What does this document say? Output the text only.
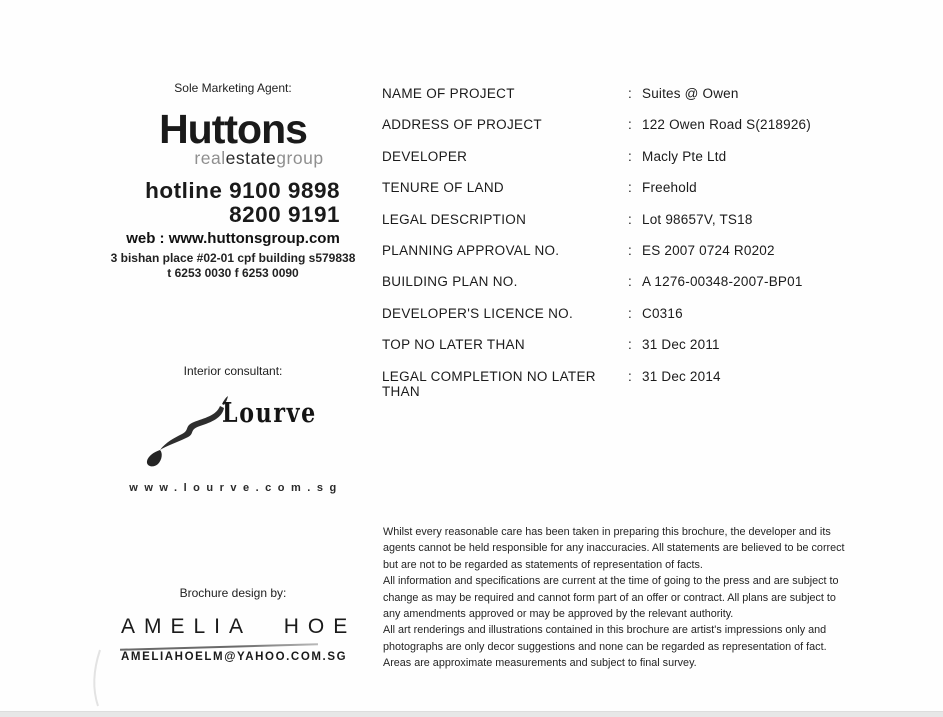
Sole Marketing Agent:
Huttons
realestategroup
hotline 9100 9898
8200 9191
web : www.huttonsgroup.com
3 bishan place #02-01 cpf building s579838
t 6253 0030 f 6253 0090
Interior consultant:
Lourve
www.lourve.com.sg
Brochure design by:
AMELIA HOE
AMELIAHOELM@YAHOO.COM.SG
NAME OF PROJECT	: Suites @ Owen
ADDRESS OF PROJECT	: 122 Owen Road S(218926)
DEVELOPER	: Macly Pte Ltd
TENURE OF LAND	: Freehold
LEGAL DESCRIPTION	: Lot 98657V, TS18
PLANNING APPROVAL NO.	: ES 2007 0724 R0202
BUILDING PLAN NO.	: A 1276-00348-2007-BP01
DEVELOPER'S LICENCE NO.	: C0316
TOP NO LATER THAN	: 31 Dec 2011
LEGAL COMPLETION NO LATER THAN
: 31 Dec 2014
Whilst every reasonable care has been taken in preparing this brochure, the developer and its
agents cannot be held responsible for any inaccuracies. All statements are believed to be correct
but are not to be regarded as statements of representation of facts.
All information and specifications are current at the time of going to the press and are subject to
change as may be required and cannot form part of an offer or contract. All plans are subject to
any amendments approved or may be approved by the relevant authority.
All art renderings and illustrations contained in this brochure are artist's impressions only and
photographs are only decor suggestions and none can be regarded as representation of fact.
Areas are approximate measurements and subject to final survey.
